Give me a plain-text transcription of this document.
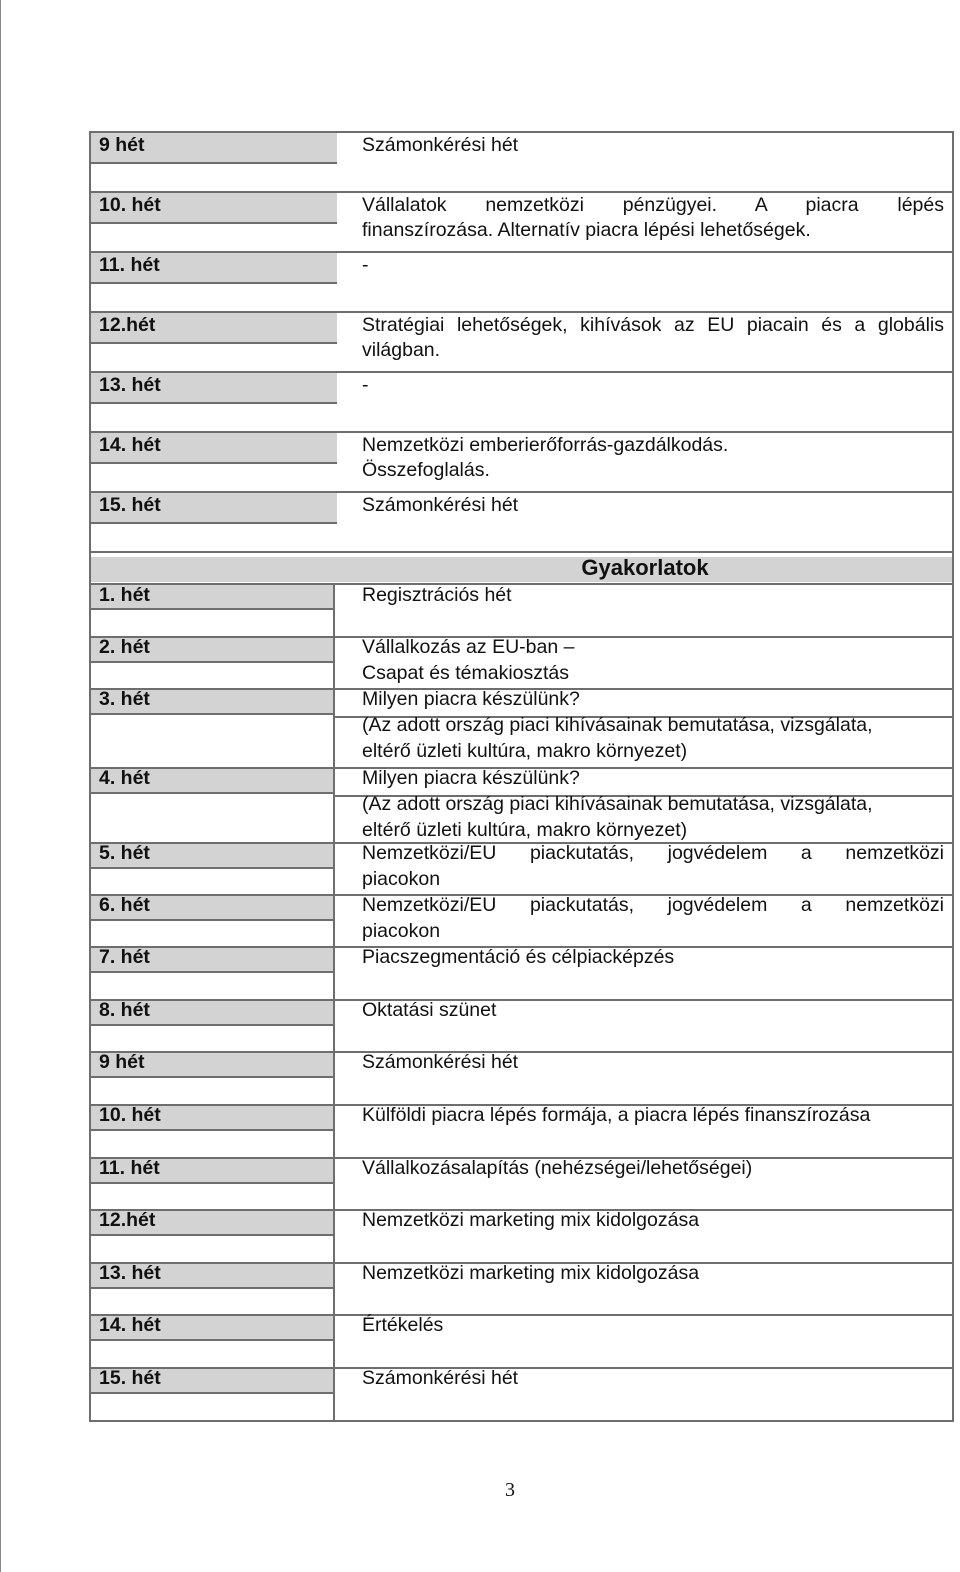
9 hét	Számonkérési hét
10. hét	Vállalatok nemzetközi pénzügyei. A piacra lépés
finanszírozása. Alternatív piacra lépési lehetőségek.
11. hét	-
12.hét	Stratégiai lehetőségek, kihívások az EU piacain és a globális
világban.
13. hét	-
14. hét	Nemzetközi emberierőforrás-gazdálkodás.
Összefoglalás.
15. hét	Számonkérési hét
Gyakorlatok
1. hét	Regisztrációs hét
2. hét	Vállalkozás az EU-ban –
Csapat és témakiosztás
3. hét	Milyen piacra készülünk?
(Az adott ország piaci kihívásainak bemutatása, vizsgálata,
eltérő üzleti kultúra, makro környezet)
4. hét	Milyen piacra készülünk?
(Az adott ország piaci kihívásainak bemutatása, vizsgálata,
eltérő üzleti kultúra, makro környezet)
5. hét	Nemzetközi/EU piackutatás, jogvédelem a nemzetközi
piacokon
6. hét	Nemzetközi/EU piackutatás, jogvédelem a nemzetközi
piacokon
7. hét	Piacszegmentáció és célpiacképzés
8. hét	Oktatási szünet
9 hét	Számonkérési hét
10. hét	Külföldi piacra lépés formája, a piacra lépés finanszírozása
11. hét	Vállalkozásalapítás (nehézségei/lehetőségei)
12.hét	Nemzetközi marketing mix kidolgozása
13. hét	Nemzetközi marketing mix kidolgozása
14. hét	Értékelés
15. hét	Számonkérési hét
3
